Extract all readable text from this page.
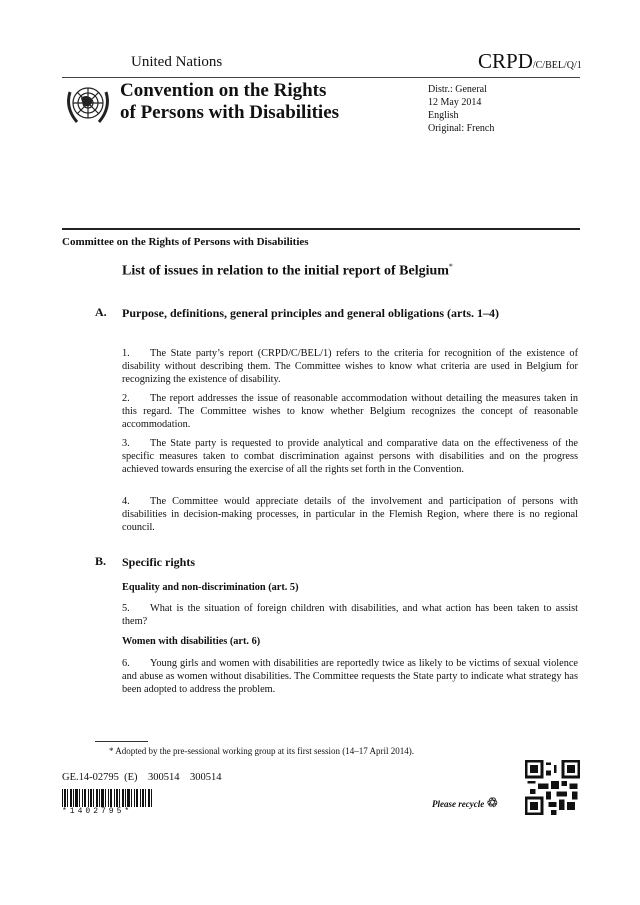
United Nations	CRPD/C/BEL/Q/1
Convention on the Rights
of Persons with Disabilities
Distr.: General
12 May 2014
English
Original: French
Committee on the Rights of Persons with Disabilities
List of issues in relation to the initial report of Belgium*
A. Purpose, definitions, general principles and general obligations (arts. 1–4)
1. The State party’s report (CRPD/C/BEL/1) refers to the criteria for recognition of the existence of disability without describing them. The Committee wishes to know what criteria are used in Belgium for recognizing the existence of disability.
2. The report addresses the issue of reasonable accommodation without detailing the measures taken in this regard. The Committee wishes to know whether Belgium recognizes the concept of reasonable accommodation.
3. The State party is requested to provide analytical and comparative data on the effectiveness of the specific measures taken to combat discrimination against persons with disabilities and on the progress achieved towards ensuring the exercise of all the rights set forth in the Convention.
4. The Committee would appreciate details of the involvement and participation of persons with disabilities in decision-making processes, in particular in the Flemish Region, where there is no regional council.
B. Specific rights
Equality and non-discrimination (art. 5)
5. What is the situation of foreign children with disabilities, and what action has been taken to assist them?
Women with disabilities (art. 6)
6. Young girls and women with disabilities are reportedly twice as likely to be victims of sexual violence and abuse as women without disabilities. The Committee requests the State party to indicate what strategy has been adopted to address the problem.
* Adopted by the pre-sessional working group at its first session (14–17 April 2014).
GE.14-02795  (E)    300514    300514
*1402795*
Please recycle ♲
